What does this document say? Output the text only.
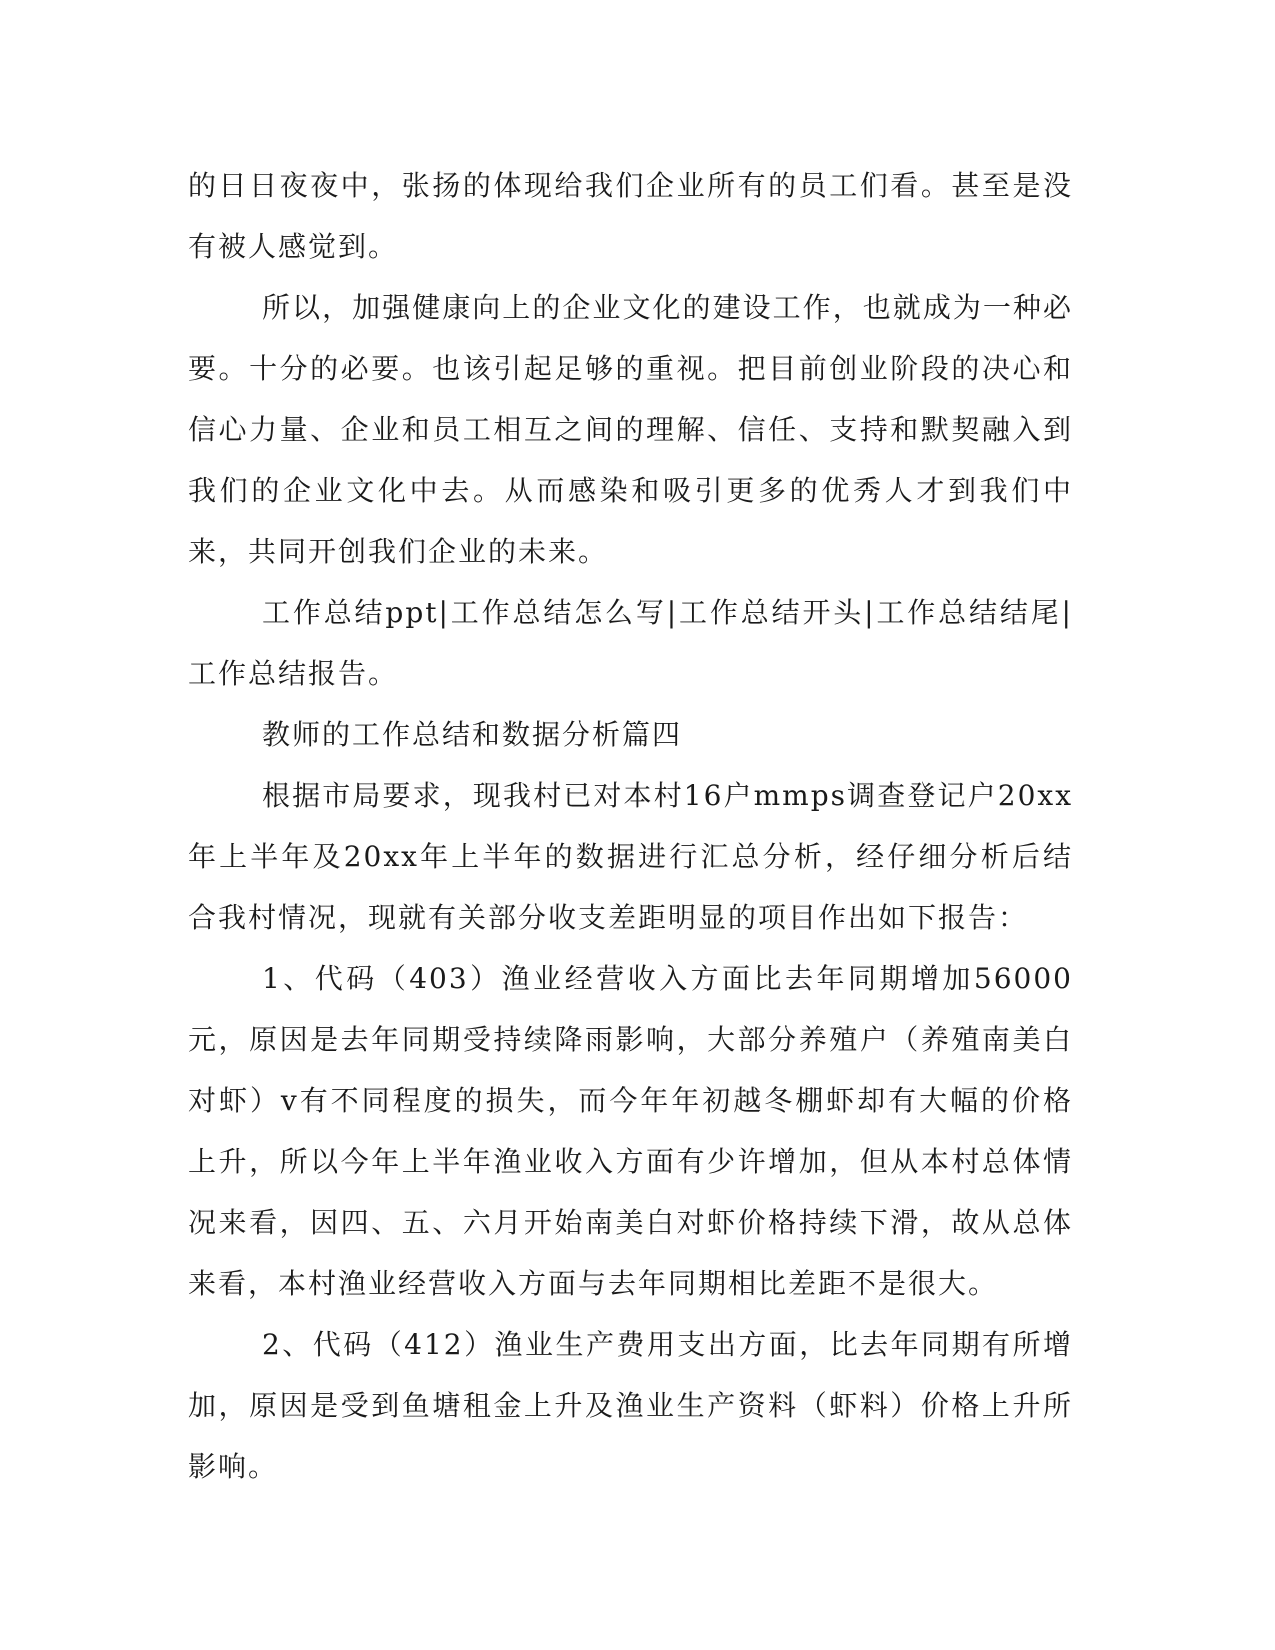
的日日夜夜中，张扬的体现给我们企业所有的员工们看。甚至是没有被人感觉到。

所以，加强健康向上的企业文化的建设工作，也就成为一种必要。十分的必要。也该引起足够的重视。把目前创业阶段的决心和信心力量、企业和员工相互之间的理解、信任、支持和默契融入到我们的企业文化中去。从而感染和吸引更多的优秀人才到我们中来，共同开创我们企业的未来。

工作总结ppt|工作总结怎么写|工作总结开头|工作总结结尾|工作总结报告。

教师的工作总结和数据分析篇四

根据市局要求，现我村已对本村16户mmps调查登记户20xx年上半年及20xx年上半年的数据进行汇总分析，经仔细分析后结合我村情况，现就有关部分收支差距明显的项目作出如下报告：

1、代码（403）渔业经营收入方面比去年同期增加56000元，原因是去年同期受持续降雨影响，大部分养殖户（养殖南美白对虾）v有不同程度的损失，而今年年初越冬棚虾却有大幅的价格上升，所以今年上半年渔业收入方面有少许增加，但从本村总体情况来看，因四、五、六月开始南美白对虾价格持续下滑，故从总体来看，本村渔业经营收入方面与去年同期相比差距不是很大。

2、代码（412）渔业生产费用支出方面，比去年同期有所增加，原因是受到鱼塘租金上升及渔业生产资料（虾料）价格上升所影响。
